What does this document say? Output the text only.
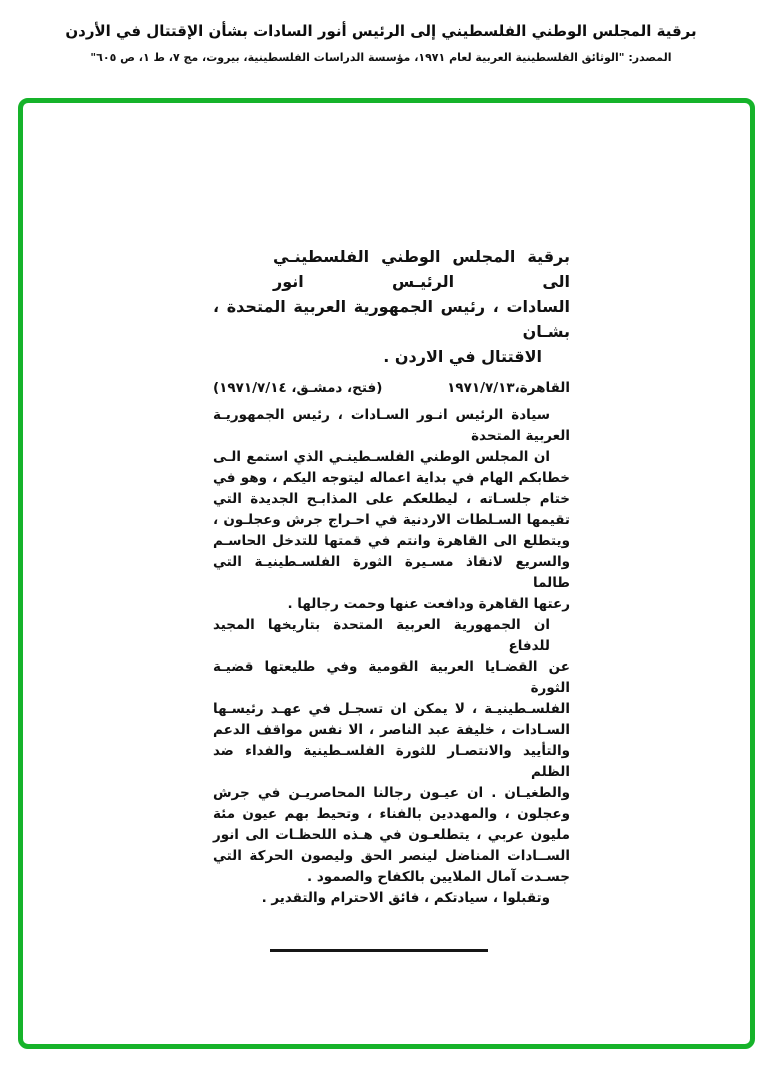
برقية المجلس الوطني الفلسطيني إلى الرئيس أنور السادات بشأن الإقتتال في الأردن
المصدر: "الوثائق الفلسطينية العربية لعام ١٩٧١، مؤسسة الدراسات الفلسطينية، بيروت، مج ٧، ط ١، ص ٦٠٥"
برقية المجلس الوطني الفلسطينـي الى الرئيـس انور
السادات ، رئيس الجمهورية العربية المتحدة ، بشـان
الاقتتال في الاردن .
القاهرة،١٩٧١/٧/١٣
(فتح، دمشـق، ١٩٧١/٧/١٤)
سيادة الرئيس انـور السـادات ، رئيس الجمهوريـة
العربية المتحدة
ان المجلس الوطني الفلسـطينـي الذي استمع الـى
خطابكم الهام في بداية اعماله ليتوجه اليكم ، وهو في
ختام جلسـاته ، ليطلعكم على المذابـح الجديدة التي
تقيمها السـلطات الاردنية في احـراج جرش وعجلـون ،
ويتطلع الى القاهرة وانتم في قمتها للتدخل الحاسـم
والسريع لانقاذ مسـيرة الثورة الفلسـطينيـة التي طالما
رعتها القاهرة ودافعت عنها وحمت رجالها .
ان الجمهورية العربية المتحدة بتاريخها المجيد للدفاع
عن القضـايا العربية القومية وفي طليعتها قضيـة الثورة
الفلسـطينيـة ، لا يمكن ان تسجـل في عهـد رئيسـها
السـادات ، خليفة عبد الناصر ، الا نفس مواقف الدعم
والتأييد والانتصـار للثورة الفلسـطينية والفداء ضد الظلم
والطغيـان . ان عيـون رجالنا المحاصريـن في جرش
وعجلون ، والمهددين بالفناء ، وتحيط بهم عيون مئة
مليون عربي ، يتطلعـون في هـذه اللحظـات الى انور
الســادات المناضل لينصر الحق وليصون الحركة التي
جسـدت آمال الملايين بالكفاح والصمود .
وتقبلوا ، سيادتكم ، فائق الاحترام والتقدير .
